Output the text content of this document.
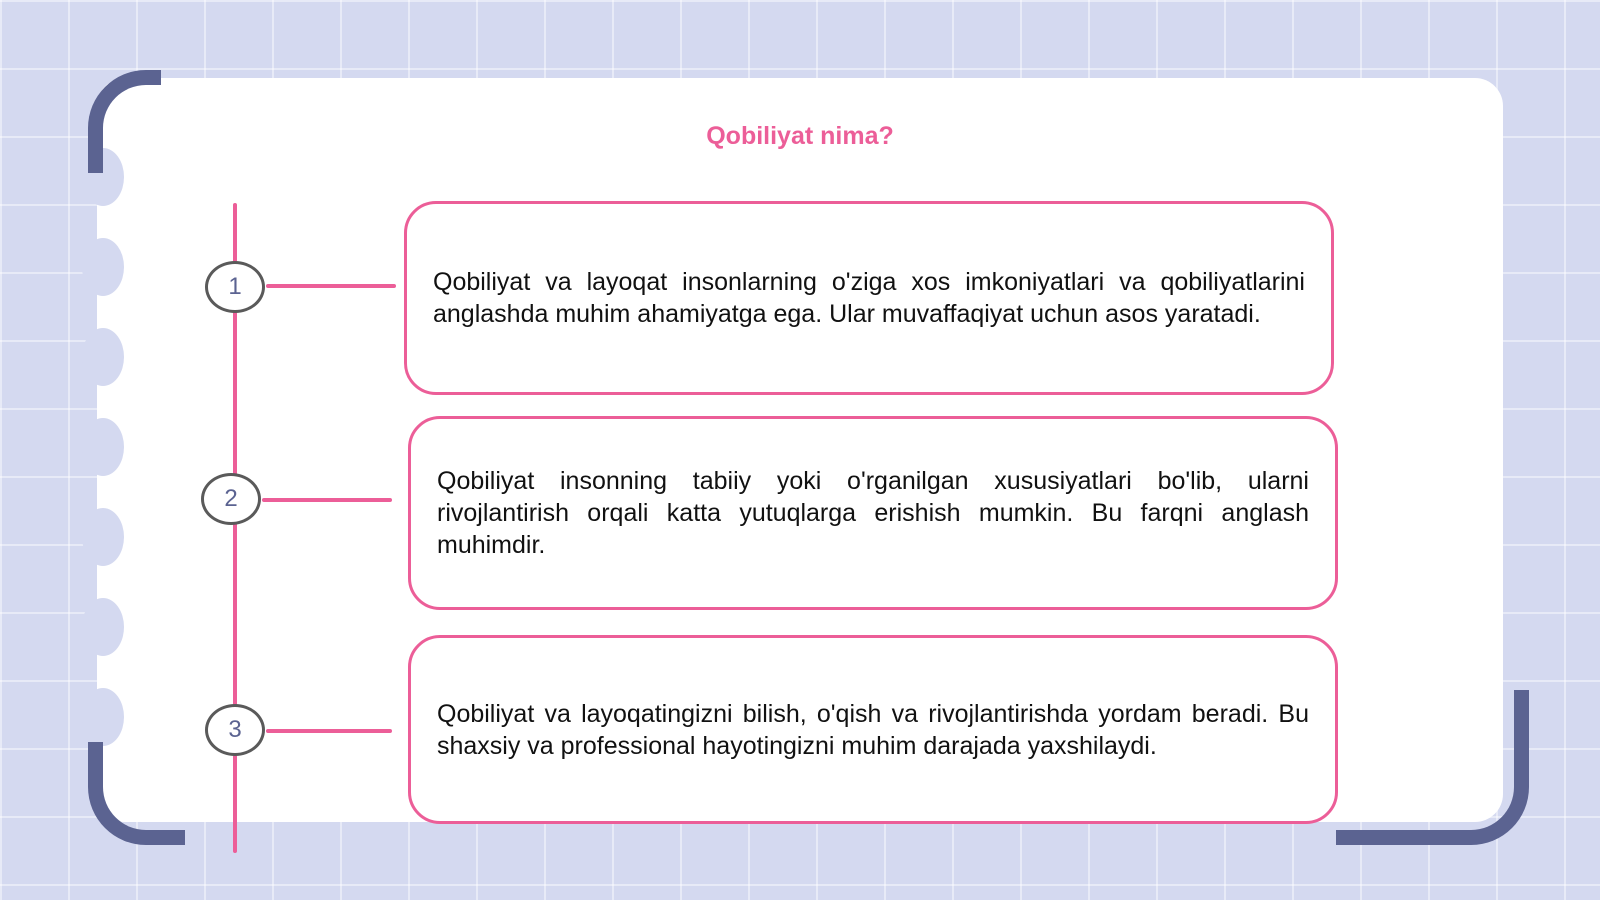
Qobiliyat nima?
1
2
3

Qobiliyat va layoqat insonlarning o'ziga xos imkoniyatlari va qobiliyatlarini anglashda muhim ahamiyatga ega. Ular muvaffaqiyat uchun asos yaratadi.

Qobiliyat insonning tabiiy yoki o'rganilgan xususiyatlari bo'lib, ularni rivojlantirish orqali katta yutuqlarga erishish mumkin. Bu farqni anglash muhimdir.

Qobiliyat va layoqatingizni bilish, o'qish va rivojlantirishda yordam beradi. Bu shaxsiy va professional hayotingizni muhim darajada yaxshilaydi.
